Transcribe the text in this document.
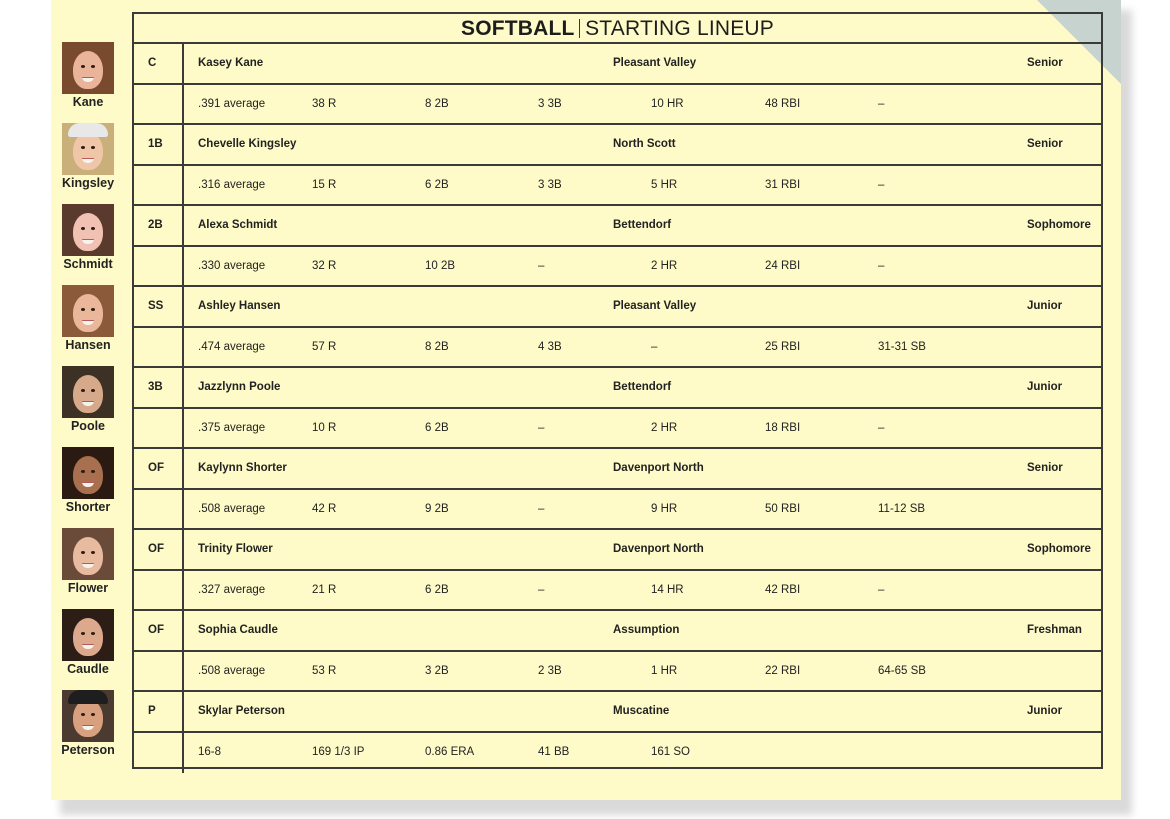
Kane
Kingsley
Schmidt
Hansen
Poole
Shorter
Flower
Caudle
Peterson
SOFTBALL STARTING LINEUP
C	Kasey Kane	Pleasant Valley	Senior
.391 average	38 R	8 2B	3 3B	10 HR	48 RBI	–
1B	Chevelle Kingsley	North Scott	Senior
.316 average	15 R	6 2B	3 3B	5 HR	31 RBI	–
2B	Alexa Schmidt	Bettendorf	Sophomore
.330 average	32 R	10 2B	–	2 HR	24 RBI	–
SS	Ashley Hansen	Pleasant Valley	Junior
.474 average	57 R	8 2B	4 3B	–	25 RBI	31-31 SB
3B	Jazzlynn Poole	Bettendorf	Junior
.375 average	10 R	6 2B	–	2 HR	18 RBI	–
OF	Kaylynn Shorter	Davenport North	Senior
.508 average	42 R	9 2B	–	9 HR	50 RBI	11-12 SB
OF	Trinity Flower	Davenport North	Sophomore
.327 average	21 R	6 2B	–	14 HR	42 RBI	–
OF	Sophia Caudle	Assumption	Freshman
.508 average	53 R	3 2B	2 3B	1 HR	22 RBI	64-65 SB
P	Skylar Peterson	Muscatine	Junior
16-8	169 1/3 IP	0.86 ERA	41 BB	161 SO
